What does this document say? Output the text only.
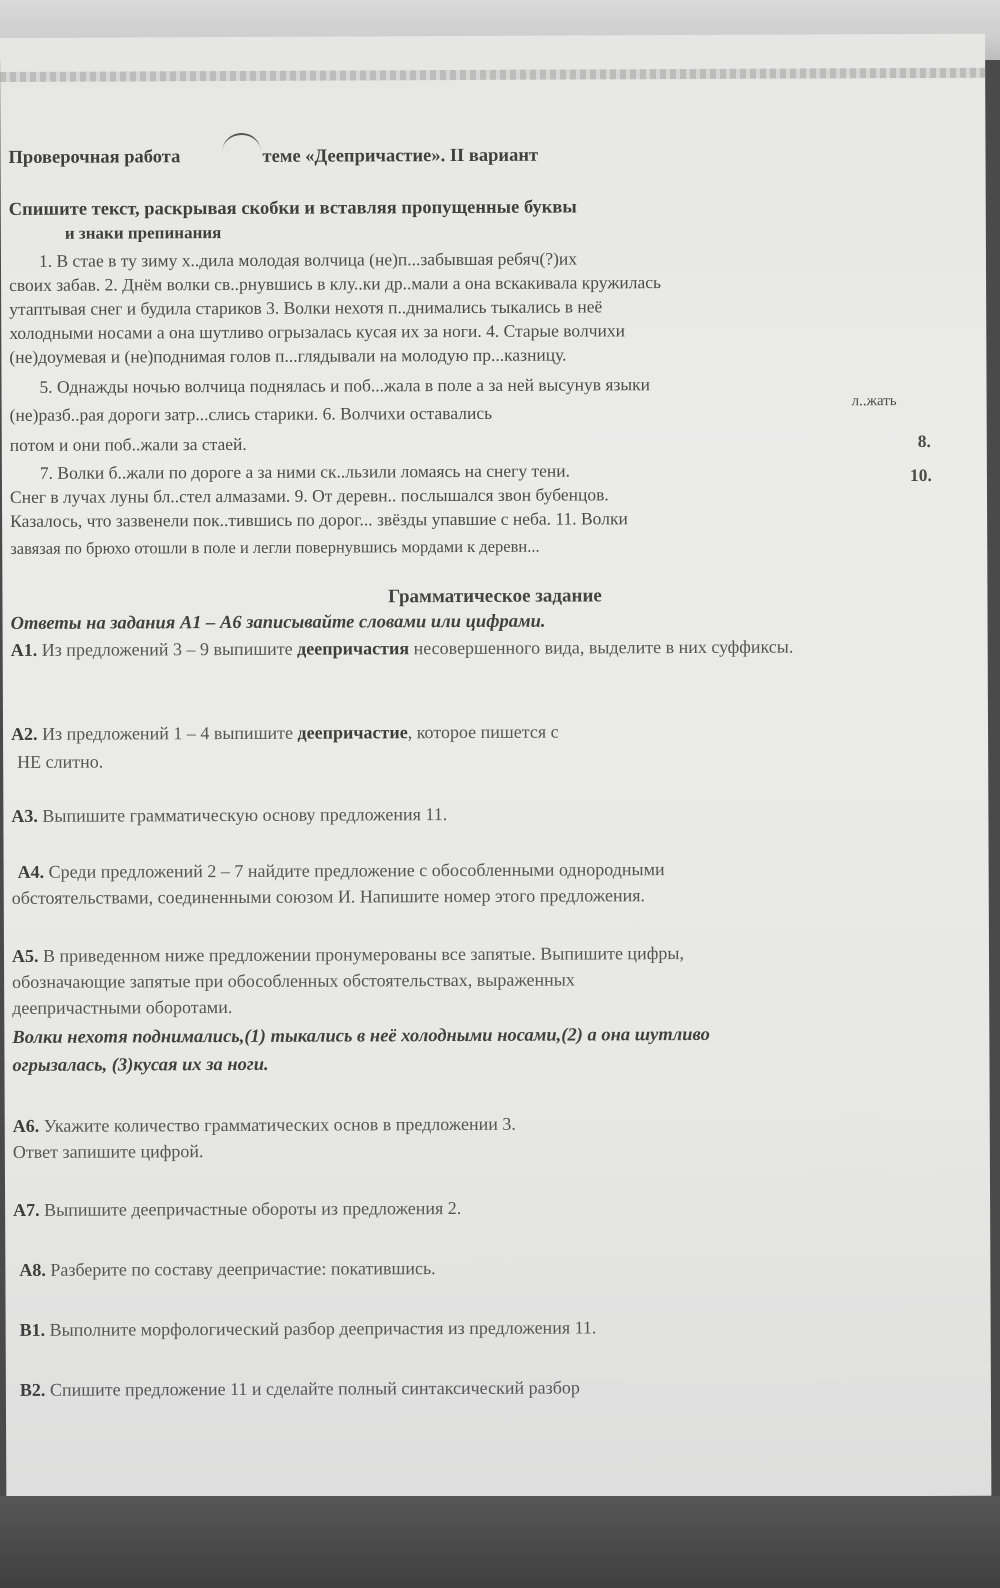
Проверочная работа	теме «Деепричастие». II вариант
Спишите текст, раскрывая скобки и вставляя пропущенные буквы
и знаки препинания
1. В стае в ту зиму х..дила молодая волчица (не)п...забывшая ребяч(?)их
своих забав. 2. Днём волки св..рнувшись в клу..ки др..мали а она вскакивала кружилась
утаптывая снег и будила стариков 3. Волки нехотя п..днимались тыкались в неё
холодными носами а она шутливо огрызалась кусая их за ноги. 4. Старые волчихи
(не)доумевая и (не)поднимая голов п...глядывали на молодую пр...казницу.
5. Однажды ночью волчица поднялась и поб...жала в поле а за ней высунув языки
л..жать
(не)разб..рая дороги затр...слись старики. 6. Волчихи оставались
потом и они поб..жали за стаей.	8.
7. Волки б..жали по дороге а за ними ск..льзили ломаясь на снегу тени.
Снег в лучах луны бл..стел алмазами. 9. От деревн.. послышался звон бубенцов.
10.
Казалось, что зазвенели пок..тившись по дорог... звёзды упавшие с неба. 11. Волки
завязая по брюхо отошли в поле и легли повернувшись мордами к деревн...
Грамматическое задание
Ответы на задания А1 – А6 записывайте словами или цифрами.
А1. Из предложений 3 – 9 выпишите деепричастия несовершенного вида, выделите в них суффиксы.
А2. Из предложений 1 – 4 выпишите деепричастие, которое пишется с
НЕ слитно.
А3. Выпишите грамматическую основу предложения 11.
А4. Среди предложений 2 – 7 найдите предложение с обособленными однородными
обстоятельствами, соединенными союзом И. Напишите номер этого предложения.
А5. В приведенном ниже предложении пронумерованы все запятые. Выпишите цифры,
обозначающие запятые при обособленных обстоятельствах, выраженных
деепричастными оборотами.
Волки нехотя поднимались,(1) тыкались в неё холодными носами,(2) а она шутливо
огрызалась, (3)кусая их за ноги.
А6. Укажите количество грамматических основ в предложении 3.
Ответ запишите цифрой.
А7. Выпишите деепричастные обороты из предложения 2.
А8. Разберите по составу деепричастие: покатившись.
В1. Выполните морфологический разбор деепричастия из предложения 11.
В2. Спишите предложение 11 и сделайте полный синтаксический разбор
